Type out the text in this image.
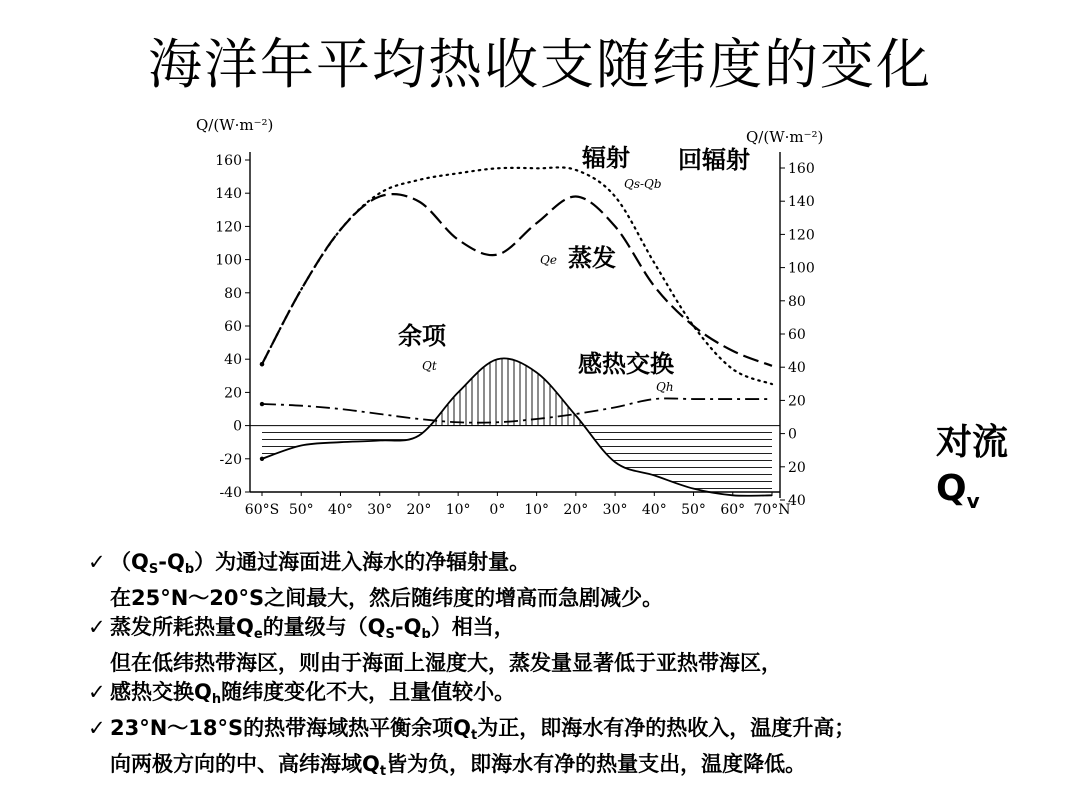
海洋年平均热收支随纬度的变化
160
140
120
100
80
60
40
20
0
-20
-40
160
140
120
100
80
60
40
20
0
20
40
60°S 50° 40° 30° 20° 10° 0° 10° 20° 30° 40° 50° 60° 70°N
Q/(W·m⁻²)
Q/(W·m⁻²)
辐射 回辐射
蒸发
余项
感热交换
Qs-Qb
Qe
Qt
Qh
对流
$Q_v$
✓ $(Q_S-Q_b)$为通过海面进入海水的净辐射量。
在25°N～20°S之间最大，然后随纬度的增高而急剧减少。
✓ 蒸发所耗热量$Q_e$的量级与$(Q_S-Q_b)$相当，
但在低纬热带海区，则由于海面上湿度大，蒸发量显著低于亚热带海区，
✓ 感热交换$Q_h$随纬度变化不大，且量值较小。
✓ 23°N～18°S的热带海域热平衡余项$Q_t$为正，即海水有净的热收入，温度升高；
向两极方向的中、高纬海域$Q_t$皆为负，即海水有净的热量支出，温度降低。
